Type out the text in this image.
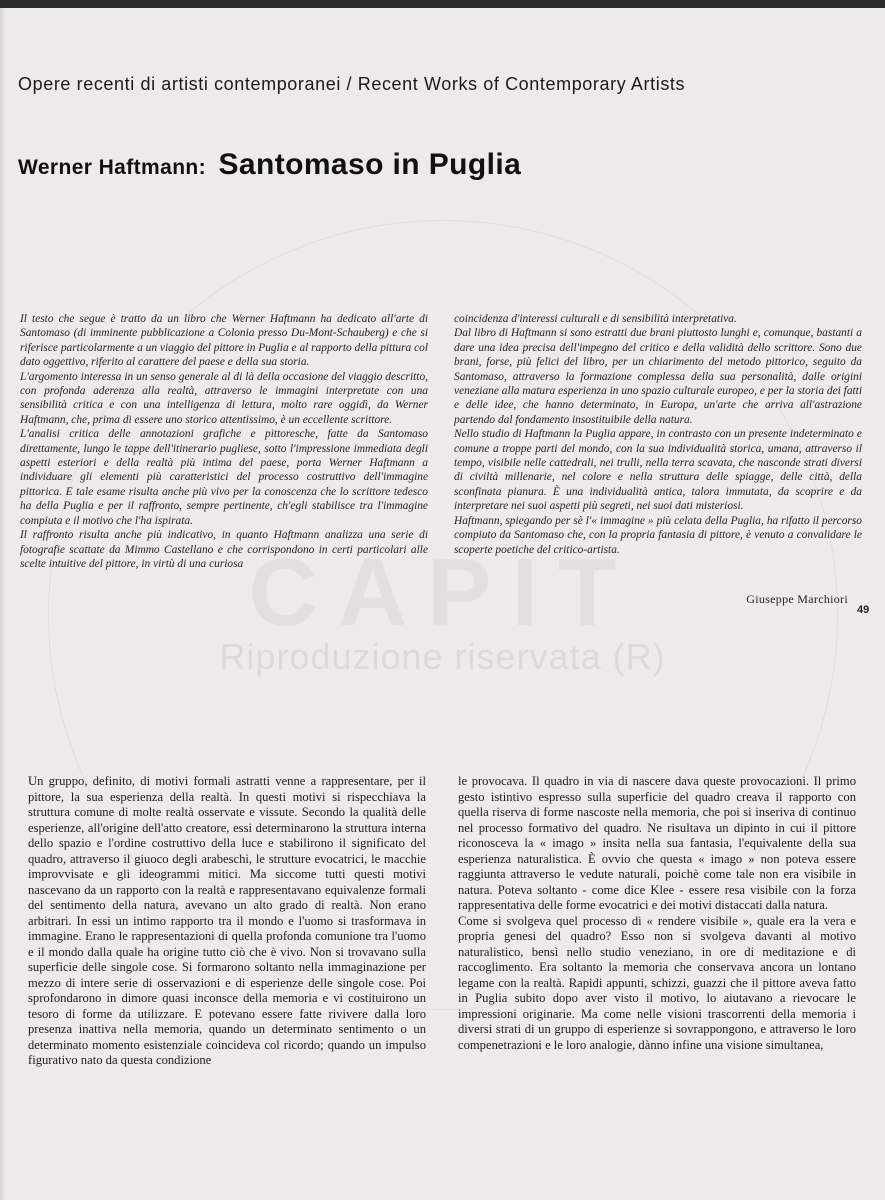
Riproduzione riservata (R)
Opere recenti di artisti contemporanei / Recent Works of Contemporary Artists
Werner Haftmann: Santomaso in Puglia

Il testo che segue è tratto da un libro che Werner Haftmann ha dedicato all'arte di Santomaso (di imminente pubblicazione a Colonia presso Du-Mont-Schauberg) e che si riferisce particolarmente a un viaggio del pittore in Puglia e al rapporto della pittura col dato oggettivo, riferito al carattere del paese e della sua storia.

L'argomento interessa in un senso generale al di là della occasione del viaggio descritto, con profonda aderenza alla realtà, attraverso le immagini interpretate con una sensibilità critica e con una intelligenza di lettura, molto rare oggidì, da Werner Haftmann, che, prima di essere uno storico attentissimo, è un eccellente scrittore.

L'analisi critica delle annotazioni grafiche e pittoresche, fatte da Santomaso direttamente, lungo le tappe dell'itinerario pugliese, sotto l'impressione immediata degli aspetti esteriori e della realtà più intima del paese, porta Werner Haftmann a individuare gli elementi più caratteristici del processo costruttivo dell'immagine pittorica. E tale esame risulta anche più vivo per la conoscenza che lo scrittore tedesco ha della Puglia e per il raffronto, sempre pertinente, ch'egli stabilisce tra l'immagine compiuta e il motivo che l'ha ispirata.

Il raffronto risulta anche più indicativo, in quanto Haftmann analizza una serie di fotografie scattate da Mimmo Castellano e che corrispondono in certi particolari alle scelte intuitive del pittore, in virtù di una curiosa

coincidenza d'interessi culturali e di sensibilità interpretativa.

Dal libro di Haftmann si sono estratti due brani piuttosto lunghi e, comunque, bastanti a dare una idea precisa dell'impegno del critico e della validità dello scrittore. Sono due brani, forse, più felici del libro, per un chiarimento del metodo pittorico, seguito da Santomaso, attraverso la formazione complessa della sua personalità, dalle origini veneziane alla matura esperienza in uno spazio culturale europeo, e per la storia dei fatti e delle idee, che hanno determinato, in Europa, un'arte che arriva all'astrazione partendo dal fondamento insostituibile della natura.

Nello studio di Haftmann la Puglia appare, in contrasto con un presente indeterminato e comune a troppe parti del mondo, con la sua individualità storica, umana, attraverso il tempo, visibile nelle cattedrali, nei trulli, nella terra scavata, che nasconde strati diversi di civiltà millenarie, nel colore e nella struttura delle spiagge, delle città, della sconfinata pianura. È una individualità antica, talora immutata, da scoprire e da interpretare nei suoi aspetti più segreti, nei suoi dati misteriosi.

Haftmann, spiegando per sè l'« immagine » più celata della Puglia, ha rifatto il percorso compiuto da Santomaso che, con la propria fantasia di pittore, è venuto a convalidare le scoperte poetiche del critico-artista.

Giuseppe Marchiori
49

Un gruppo, definito, di motivi formali astratti venne a rappresentare, per il pittore, la sua esperienza della realtà. In questi motivi si rispecchiava la struttura comune di molte realtà osservate e vissute. Secondo la qualità delle esperienze, all'origine dell'atto creatore, essi determinarono la struttura interna dello spazio e l'ordine costruttivo della luce e stabilirono il significato del quadro, attraverso il giuoco degli arabeschi, le strutture evocatrici, le macchie improvvisate e gli ideogrammi mitici. Ma siccome tutti questi motivi nascevano da un rapporto con la realtà e rappresentavano equivalenze formali del sentimento della natura, avevano un alto grado di realtà. Non erano arbitrari. In essi un intimo rapporto tra il mondo e l'uomo si trasformava in immagine. Erano le rappresentazioni di quella profonda comunione tra l'uomo e il mondo dalla quale ha origine tutto ciò che è vivo. Non si trovavano sulla superficie delle singole cose. Si formarono soltanto nella immaginazione per mezzo di intere serie di osservazioni e di esperienze delle singole cose. Poi sprofondarono in dimore quasi inconsce della memoria e vi costituirono un tesoro di forme da utilizzare. E potevano essere fatte rivivere dalla loro presenza inattiva nella memoria, quando un determinato sentimento o un determinato momento esistenziale coincideva col ricordo; quando un impulso figurativo nato da questa condizione

le provocava. Il quadro in via di nascere dava queste provocazioni. Il primo gesto istintivo espresso sulla superficie del quadro creava il rapporto con quella riserva di forme nascoste nella memoria, che poi si inseriva di continuo nel processo formativo del quadro. Ne risultava un dipinto in cui il pittore riconosceva la « imago » insita nella sua fantasia, l'equivalente della sua esperienza naturalistica. È ovvio che questa « imago » non poteva essere raggiunta attraverso le vedute naturali, poichè come tale non era visibile in natura. Poteva soltanto - come dice Klee - essere resa visibile con la forza rappresentativa delle forme evocatrici e dei motivi distaccati dalla natura.

Come si svolgeva quel processo di « rendere visibile », quale era la vera e propria genesi del quadro? Esso non si svolgeva davanti al motivo naturalistico, bensì nello studio veneziano, in ore di meditazione e di raccoglimento. Era soltanto la memoria che conservava ancora un lontano legame con la realtà. Rapidi appunti, schizzi, guazzi che il pittore aveva fatto in Puglia subito dopo aver visto il motivo, lo aiutavano a rievocare le impressioni originarie. Ma come nelle visioni trascorrenti della memoria i diversi strati di un gruppo di esperienze si sovrappongono, e attraverso le loro compenetrazioni e le loro analogie, dànno infine una visione simultanea,
